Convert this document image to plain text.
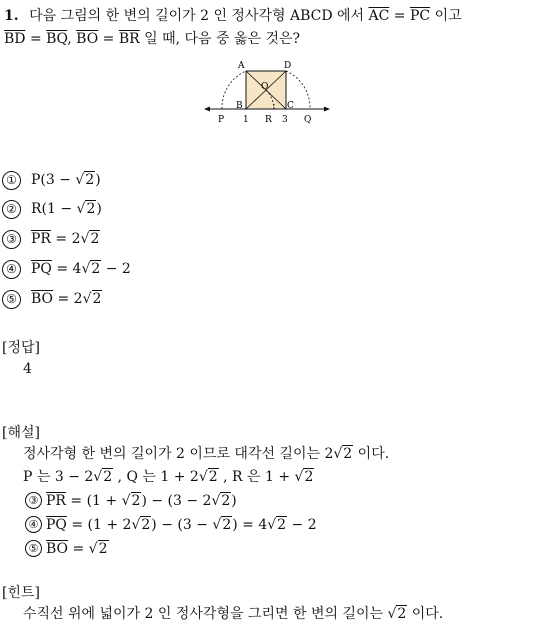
1. 다음 그림의 한 변의 길이가 2 인 정사각형 ABCD 에서 $\overline{AC} = \overline{PC}$ 이고
$\overline{BD} = \overline{BQ}$, $\overline{BO} = \overline{BR}$ 일 때, 다음 중 옳은 것은?
A	D
B	C
O
P 1 R 3 Q
① P(3 − √2)
② R(1 − √2)
③ $\overline{PR} = 2√2$
④ $\overline{PQ} = 4√2 - 2$
⑤ $\overline{BO} = 2√2$
[정답]
4
[해설]
정사각형 한 변의 길이가 2 이므로 대각선 길이는 2√2 이다.
P 는 3 − 2√2 , Q 는 1 + 2√2 , R 은 1 + √2
③ $\overline{PR} = (1 + √2) - (3 - 2√2)$
④ $\overline{PQ} = (1 + 2√2) - (3 - √2) = 4√2 - 2$
⑤ $\overline{BO} = √2$
[힌트]
수직선 위에 넓이가 2 인 정사각형을 그리면 한 변의 길이는 √2 이다.
